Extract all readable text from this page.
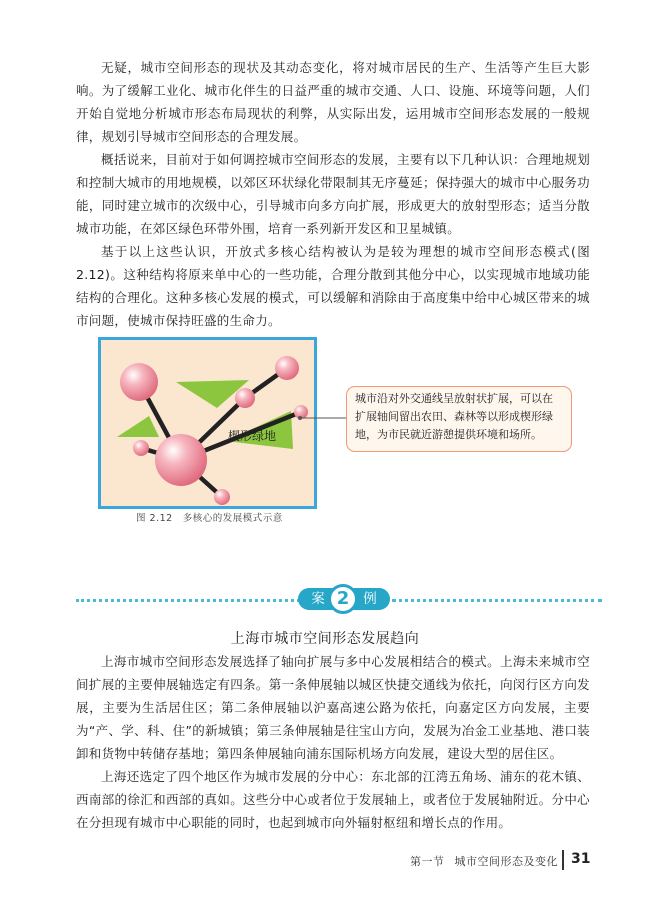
无疑，城市空间形态的现状及其动态变化，将对城市居民的生产、生活等产生巨大影响。为了缓解工业化、城市化伴生的日益严重的城市交通、人口、设施、环境等问题，人们开始自觉地分析城市形态布局现状的利弊，从实际出发，运用城市空间形态发展的一般规律，规划引导城市空间形态的合理发展。

概括说来，目前对于如何调控城市空间形态的发展，主要有以下几种认识：合理地规划和控制大城市的用地规模，以郊区环状绿化带限制其无序蔓延；保持强大的城市中心服务功能，同时建立城市的次级中心，引导城市向多方向扩展，形成更大的放射型形态；适当分散城市功能，在郊区绿色环带外围，培育一系列新开发区和卫星城镇。

基于以上这些认识，开放式多核心结构被认为是较为理想的城市空间形态模式(图2.12)。这种结构将原来单中心的一些功能，合理分散到其他分中心，以实现城市地域功能结构的合理化。这种多核心发展的模式，可以缓解和消除由于高度集中给中心城区带来的城市问题，使城市保持旺盛的生命力。

楔形绿地
城市沿对外交通线呈放射状扩展，可以在扩展轴间留出农田、森林等以形成楔形绿地，为市民就近游憩提供环境和场所。
图 2.12 多核心的发展模式示意
案	例
2
上海市城市空间形态发展趋向

上海市城市空间形态发展选择了轴向扩展与多中心发展相结合的模式。上海未来城市空间扩展的主要伸展轴选定有四条。第一条伸展轴以城区快捷交通线为依托，向闵行区方向发展，主要为生活居住区；第二条伸展轴以沪嘉高速公路为依托，向嘉定区方向发展，主要为“产、学、科、住”的新城镇；第三条伸展轴是往宝山方向，发展为冶金工业基地、港口装卸和货物中转储存基地；第四条伸展轴向浦东国际机场方向发展，建设大型的居住区。

上海还选定了四个地区作为城市发展的分中心：东北部的江湾五角场、浦东的花木镇、西南部的徐汇和西部的真如。这些分中心或者位于发展轴上，或者位于发展轴附近。分中心在分担现有城市中心职能的同时，也起到城市向外辐射枢纽和增长点的作用。

第一节 城市空间形态及变化 31
